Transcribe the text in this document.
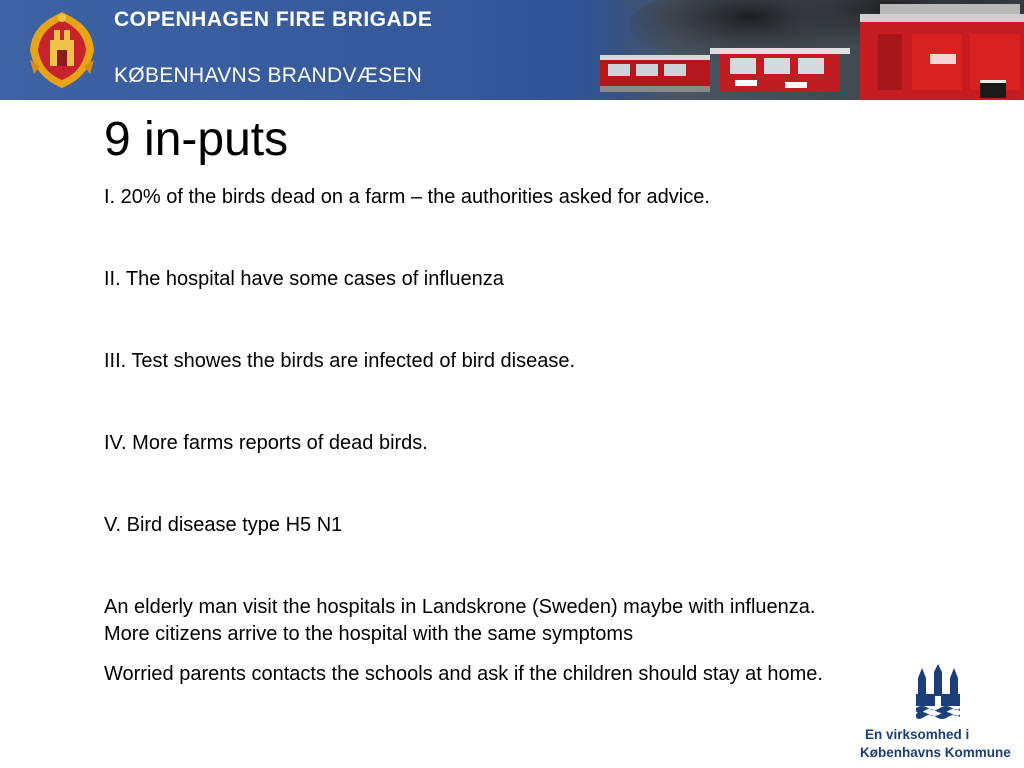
COPENHAGEN FIRE BRIGADE
KØBENHAVNS BRANDVÆSEN
9 in-puts

I. 20% of the birds dead on a farm – the authorities asked for advice.

II. The hospital have some cases of influenza

III. Test showes the birds are infected of bird disease.

IV. More farms reports of dead birds.

V. Bird disease type H5 N1

An elderly man visit the hospitals in Landskrone (Sweden) maybe with influenza.

More citizens arrive to the hospital with the same symptoms

Worried parents contacts the schools and ask if the children should stay at home.

En virksomhed i
Københavns Kommune
